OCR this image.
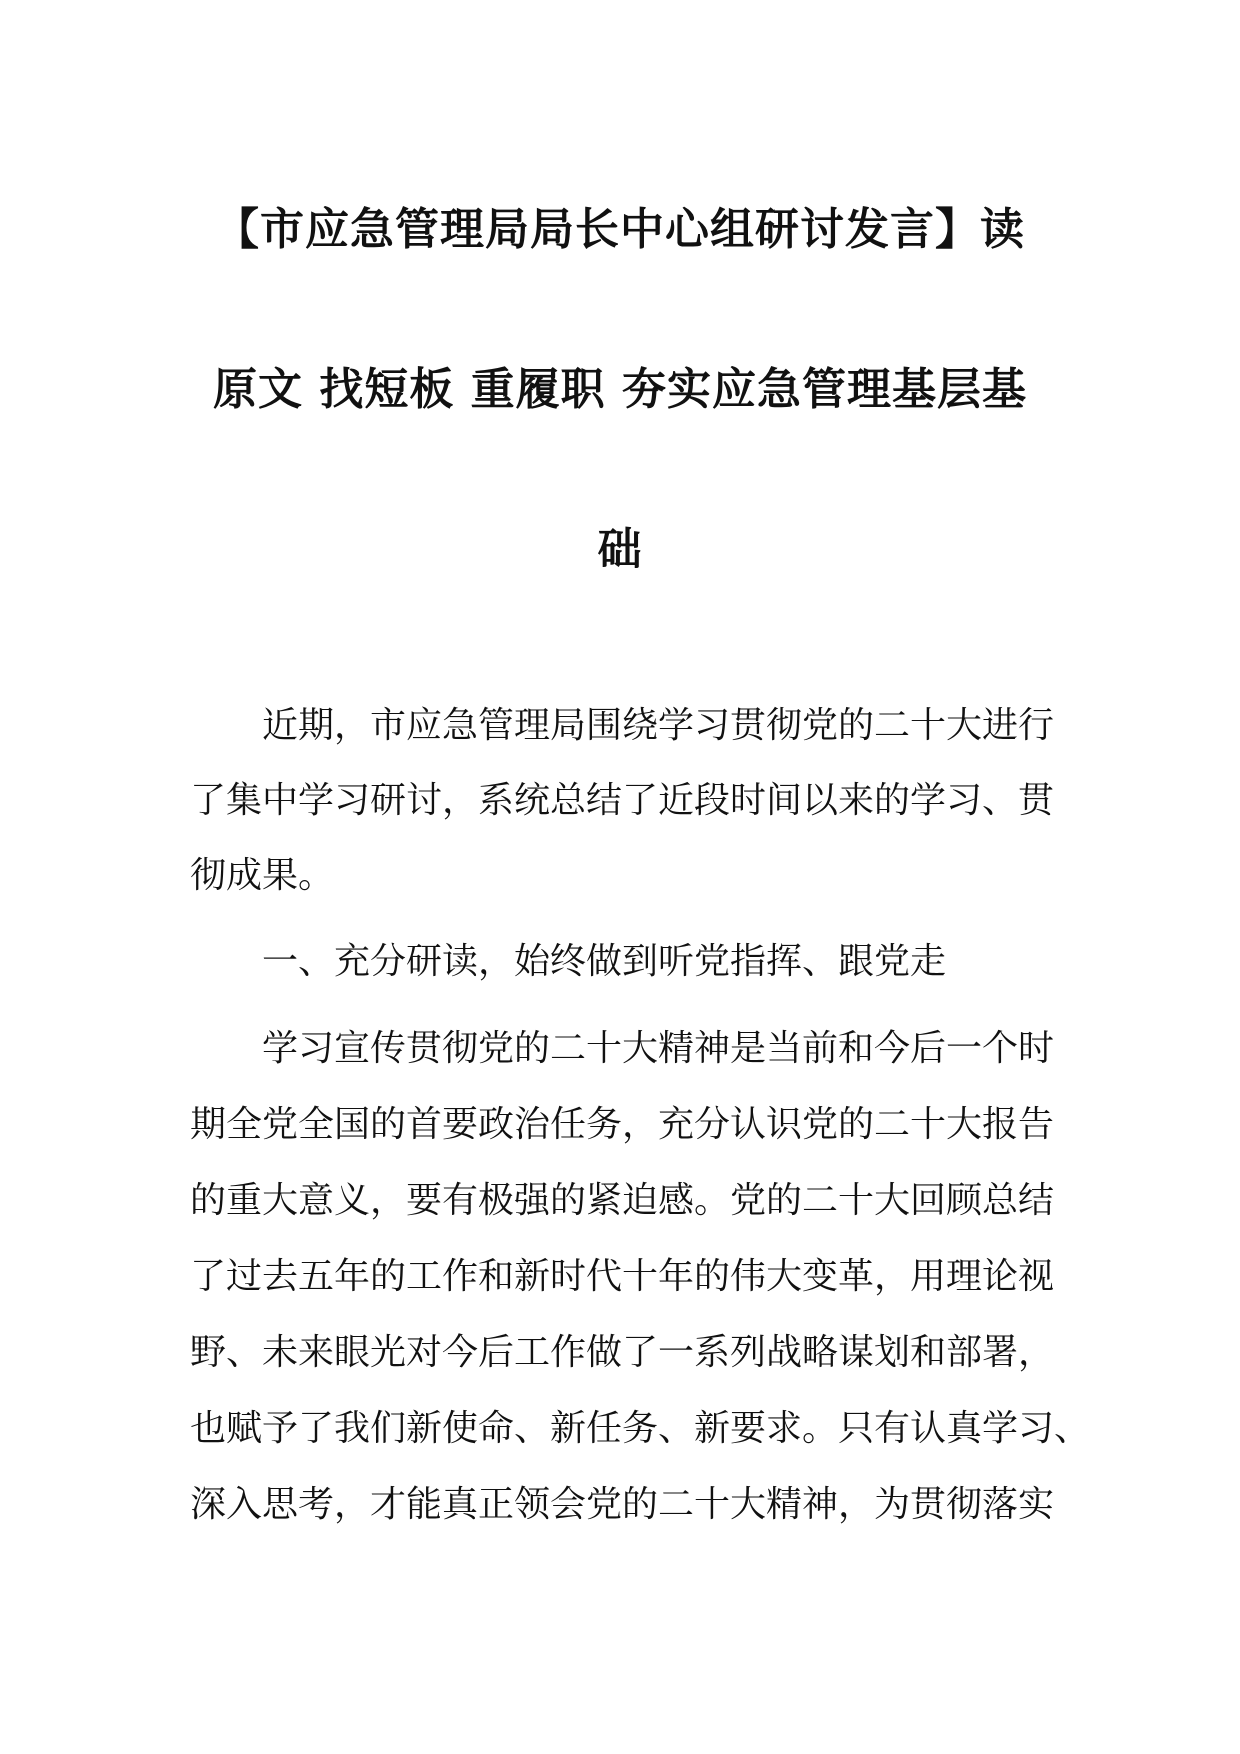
【市应急管理局局长中心组研讨发言】读
原文 找短板 重履职 夯实应急管理基层基
础
近期，市应急管理局围绕学习贯彻党的二十大进行
了集中学习研讨，系统总结了近段时间以来的学习、贯
彻成果。
一、充分研读，始终做到听党指挥、跟党走
学习宣传贯彻党的二十大精神是当前和今后一个时
期全党全国的首要政治任务，充分认识党的二十大报告
的重大意义，要有极强的紧迫感。党的二十大回顾总结
了过去五年的工作和新时代十年的伟大变革，用理论视
野、未来眼光对今后工作做了一系列战略谋划和部署，
也赋予了我们新使命、新任务、新要求。只有认真学习、
深入思考，才能真正领会党的二十大精神，为贯彻落实
